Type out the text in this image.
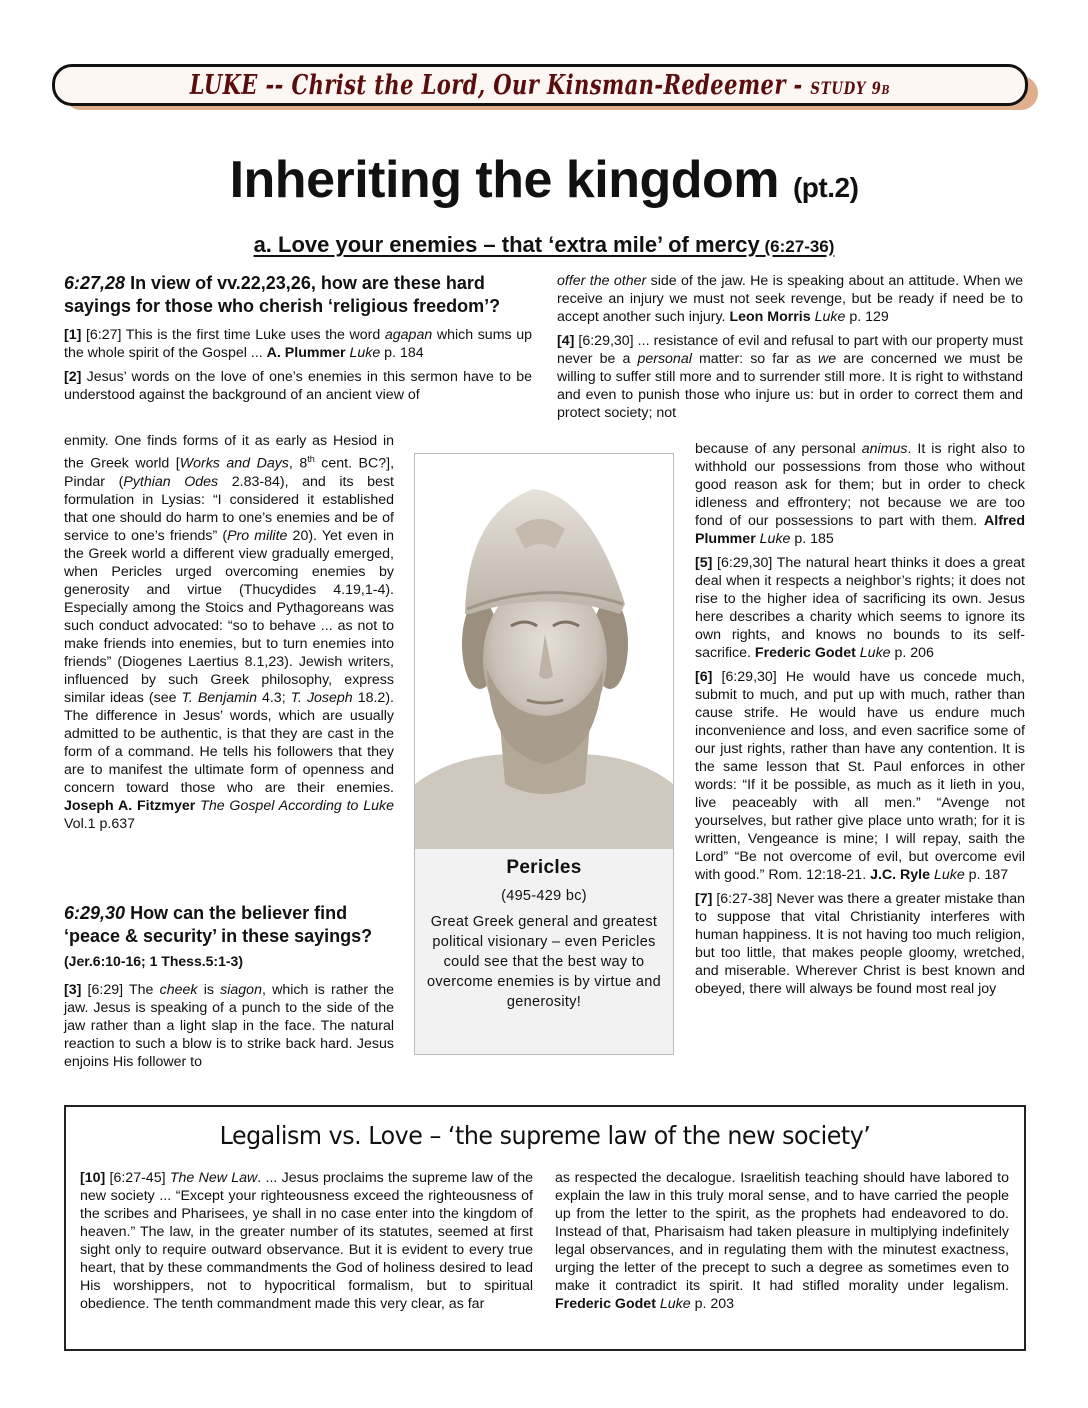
LUKE -- Christ the Lord, Our Kinsman-Redeemer - STUDY 9b
Inheriting the kingdom (pt.2)
a. Love your enemies – that ‘extra mile’ of mercy (6:27-36)
6:27,28 In view of vv.22,23,26, how are these hard sayings for those who cherish ‘religious freedom’?

[1] [6:27] This is the first time Luke uses the word agapan which sums up the whole spirit of the Gospel ... A. Plummer Luke p. 184

[2] Jesus’ words on the love of one’s enemies in this sermon have to be understood against the background of an ancient view of

enmity. One finds forms of it as early as Hesiod in the Greek world [Works and Days, 8th cent. BC?], Pindar (Pythian Odes 2.83-84), and its best formulation in Lysias: “I considered it established that one should do harm to one’s enemies and be of service to one’s friends” (Pro milite 20). Yet even in the Greek world a different view gradually emerged, when Pericles urged overcoming enemies by generosity and virtue (Thucydides 4.19,1-4). Especially among the Stoics and Pythagoreans was such conduct advocated: “so to behave ... as not to make friends into enemies, but to turn enemies into friends” (Diogenes Laertius 8.1,23). Jewish writers, influenced by such Greek philosophy, express similar ideas (see T. Benjamin 4.3; T. Joseph 18.2). The difference in Jesus’ words, which are usually admitted to be authentic, is that they are cast in the form of a command. He tells his followers that they are to manifest the ultimate form of openness and concern toward those who are their enemies. Joseph A. Fitzmyer The Gospel According to Luke Vol.1 p.637

6:29,30 How can the believer find ‘peace & security’ in these sayings? (Jer.6:10-16; 1 Thess.5:1-3)

[3] [6:29] The cheek is siagon, which is rather the jaw. Jesus is speaking of a punch to the side of the jaw rather than a light slap in the face. The natural reaction to such a blow is to strike back hard. Jesus enjoins His follower to

offer the other side of the jaw. He is speaking about an attitude. When we receive an injury we must not seek revenge, but be ready if need be to accept another such injury. Leon Morris Luke p. 129

[4] [6:29,30] ... resistance of evil and refusal to part with our property must never be a personal matter: so far as we are concerned we must be willing to suffer still more and to surrender still more. It is right to withstand and even to punish those who injure us: but in order to correct them and protect society; not

because of any personal animus. It is right also to withhold our possessions from those who without good reason ask for them; but in order to check idleness and effrontery; not because we are too fond of our possessions to part with them. Alfred Plummer Luke p. 185

[5] [6:29,30] The natural heart thinks it does a great deal when it respects a neighbor’s rights; it does not rise to the higher idea of sacrificing its own. Jesus here describes a charity which seems to ignore its own rights, and knows no bounds to its self-sacrifice. Frederic Godet Luke p. 206

[6] [6:29,30] He would have us concede much, submit to much, and put up with much, rather than cause strife. He would have us endure much inconvenience and loss, and even sacrifice some of our just rights, rather than have any contention. It is the same lesson that St. Paul enforces in other words: “If it be possible, as much as it lieth in you, live peaceably with all men.” “Avenge not yourselves, but rather give place unto wrath; for it is written, Vengeance is mine; I will repay, saith the Lord” “Be not overcome of evil, but overcome evil with good.” Rom. 12:18-21. J.C. Ryle Luke p. 187

[7] [6:27-38] Never was there a greater mistake than to suppose that vital Christianity interferes with human happiness. It is not having too much religion, but too little, that makes people gloomy, wretched, and miserable. Wherever Christ is best known and obeyed, there will always be found most real joy

Pericles
(495-429 bc)
Great Greek general and greatest political visionary – even Pericles could see that the best way to overcome enemies is by virtue and generosity!
Legalism vs. Love – ‘the supreme law of the new society’
[10] [6:27-45] The New Law. ... Jesus proclaims the supreme law of the new society ... “Except your righteousness exceed the righteousness of the scribes and Pharisees, ye shall in no case enter into the kingdom of heaven.” The law, in the greater number of its statutes, seemed at first sight only to require outward observance. But it is evident to every true heart, that by these commandments the God of holiness desired to lead His worshippers, not to hypocritical formalism, but to spiritual obedience. The tenth commandment made this very clear, as far
as respected the decalogue. Israelitish teaching should have labored to explain the law in this truly moral sense, and to have carried the people up from the letter to the spirit, as the prophets had endeavored to do. Instead of that, Pharisaism had taken pleasure in multiplying indefinitely legal observances, and in regulating them with the minutest exactness, urging the letter of the precept to such a degree as sometimes even to make it contradict its spirit. It had stifled morality under legalism. Frederic Godet Luke p. 203
